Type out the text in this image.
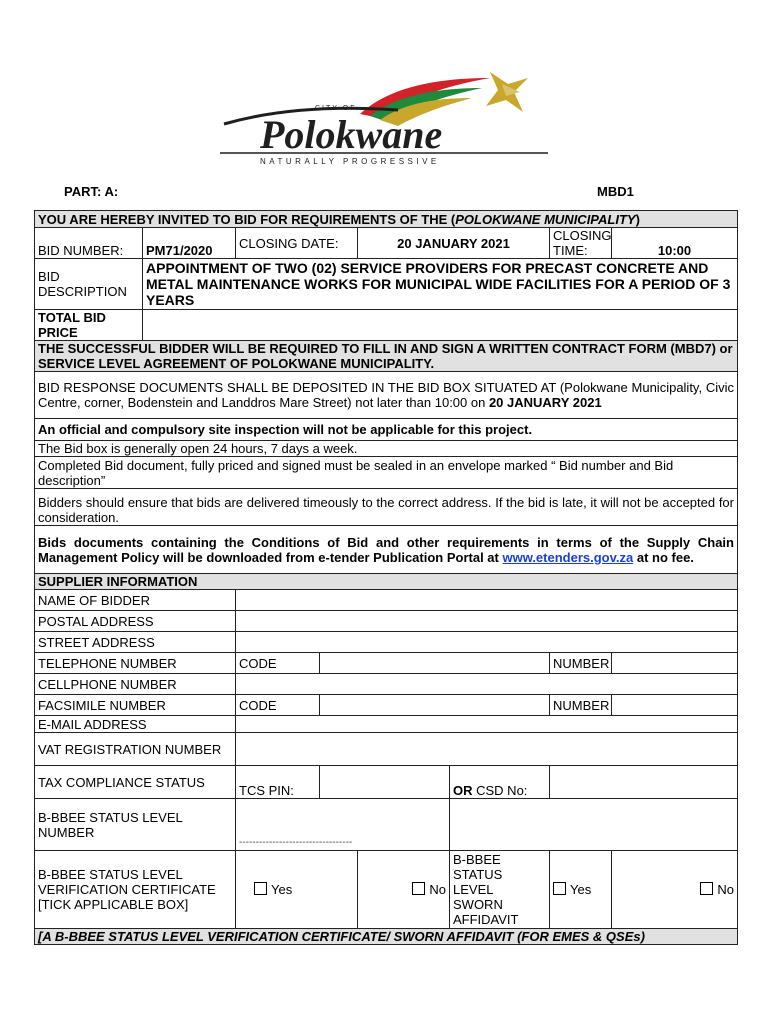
CITY OF
Polokwane
NATURALLY PROGRESSIVE
PART: A:	MBD1
YOU ARE HEREBY INVITED TO BID FOR REQUIREMENTS OF THE (POLOKWANE MUNICIPALITY)							
BID NUMBER:	PM71/2020	CLOSING DATE:		20 JANUARY 2021		CLOSING TIME:	10:00
BID DESCRIPTION	APPOINTMENT OF TWO (02) SERVICE PROVIDERS FOR PRECAST CONCRETE AND METAL MAINTENANCE WORKS FOR MUNICIPAL WIDE FACILITIES FOR A PERIOD OF 3 YEARS						
TOTAL BID PRICE							
THE SUCCESSFUL BIDDER WILL BE REQUIRED TO FILL IN AND SIGN A WRITTEN CONTRACT FORM (MBD7) or SERVICE LEVEL AGREEMENT OF POLOKWANE MUNICIPALITY.							
BID RESPONSE DOCUMENTS SHALL BE DEPOSITED IN THE BID BOX SITUATED AT (Polokwane Municipality, Civic Centre, corner, Bodenstein and Landdros Mare Street) not later than 10:00 on 20 JANUARY 2021							
An official and compulsory site inspection will not be applicable for this project.							
The Bid box is generally open 24 hours, 7 days a week.							
Completed Bid document, fully priced and signed must be sealed in an envelope marked “ Bid number and Bid description”							
Bidders should ensure that bids are delivered timeously to the correct address. If the bid is late, it will not be accepted for consideration.							
Bids documents containing the Conditions of Bid and other requirements in terms of the Supply Chain Management Policy will be downloaded from e-tender Publication Portal at www.etenders.gov.za at no fee.							
SUPPLIER INFORMATION							
NAME OF BIDDER							
POSTAL ADDRESS							
STREET ADDRESS							
TELEPHONE NUMBER		CODE				NUMBER	
CELLPHONE NUMBER							
FACSIMILE NUMBER		CODE				NUMBER	
E-MAIL ADDRESS							
VAT REGISTRATION NUMBER							
TAX COMPLIANCE STATUS		TCS PIN:			OR CSD No:		
B-BBEE STATUS LEVEL NUMBER		----------------------------------					
B-BBEE STATUS LEVEL VERIFICATION CERTIFICATE [TICK APPLICABLE BOX]		Yes		No	B-BBEE STATUS LEVEL SWORN AFFIDAVIT	Yes	No
[A B-BBEE STATUS LEVEL VERIFICATION CERTIFICATE/ SWORN AFFIDAVIT (FOR EMES & QSEs)							
